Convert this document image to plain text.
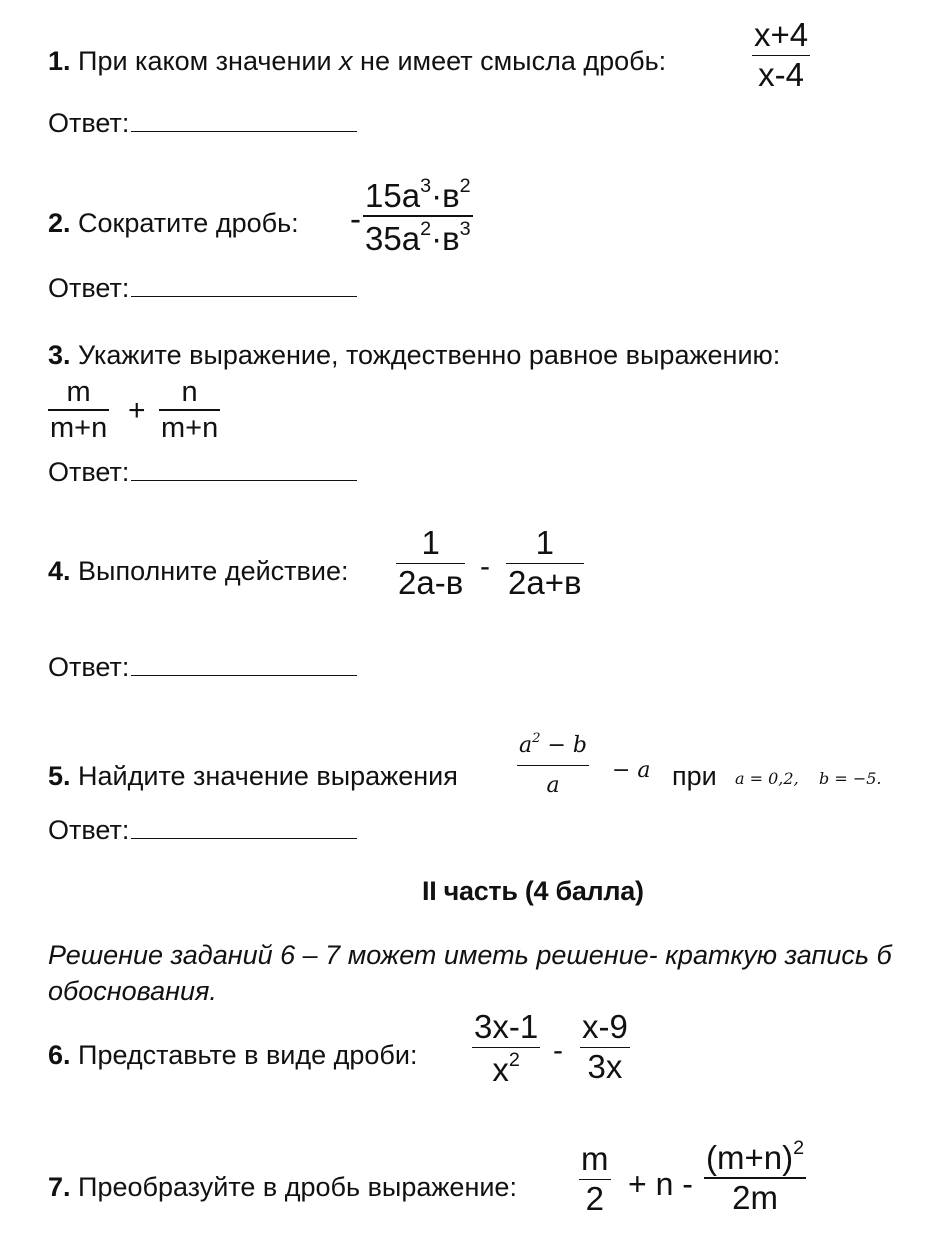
1. При каком значении x не имеет смысла дробь:
x+4
x-4
Ответ:
2. Сократите дробь: -
$15a^3\cdot в^2$
$35a^2\cdot в^3$
Ответ:
3. Укажите выражение, тождественно равное выражению:
m
m+n
+
n
m+n
Ответ:
4. Выполните действие:
1
2a-в -
1
2a+в
Ответ:
5. Найдите значение выражения
$a^2 - b$
a
− a при a = 0,2,    b = −5.
Ответ:
II часть (4 балла)
Решение заданий 6 – 7 может иметь решение- краткую запись б
обоснования.
6. Представьте в виде дроби:
3x-1
$x^2$ -
x-9
3x
7. Преобразуйте в дробь выражение:
m
2 + n -
$(m+n)^2$
2m
